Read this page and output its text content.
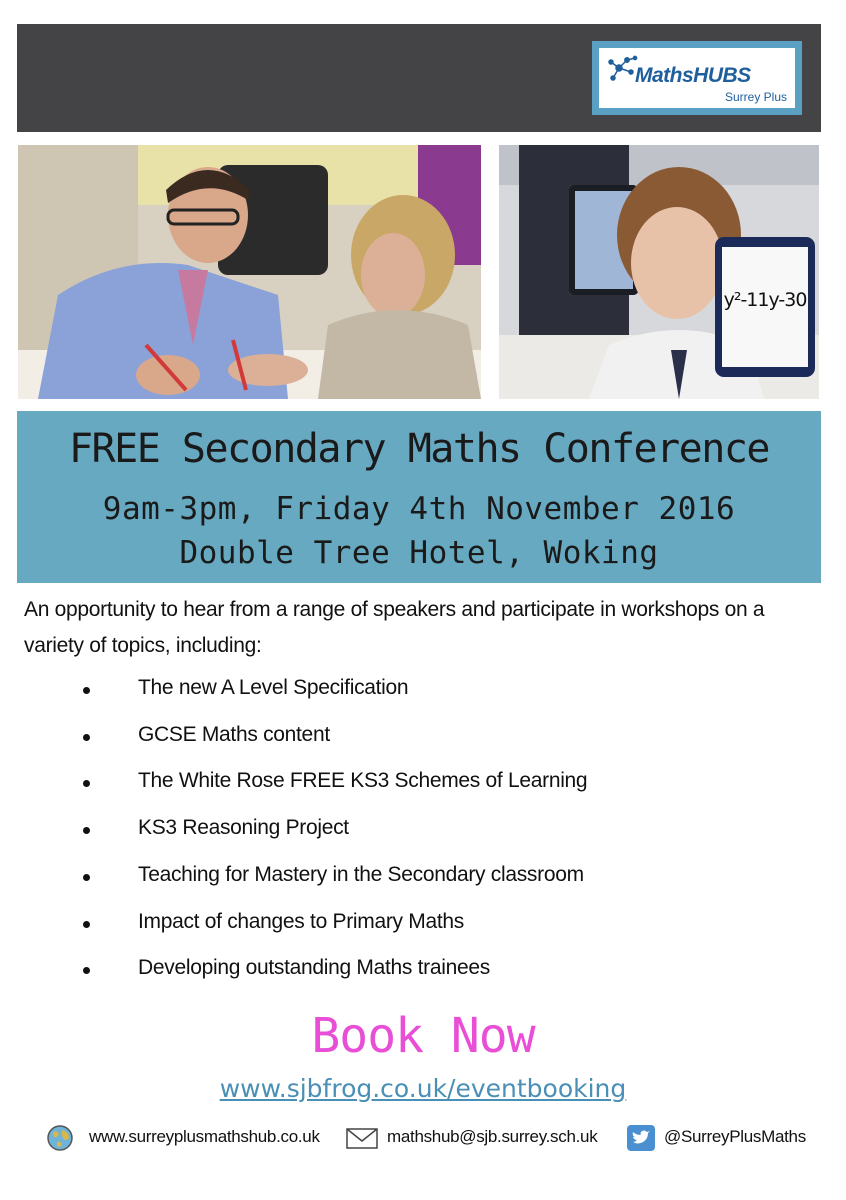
MathsHUBS
Surrey Plus
y²-11y-30
FREE Secondary Maths Conference
9am-3pm, Friday 4th November 2016
Double Tree Hotel, Woking
An opportunity to hear from a range of speakers and participate in workshops on a variety of topics, including:
The new A Level Specification
GCSE Maths content
The White Rose FREE KS3 Schemes of Learning
KS3 Reasoning Project
Teaching for Mastery in the Secondary classroom
Impact of changes to Primary Maths
Developing outstanding Maths trainees
Book Now
www.sjbfrog.co.uk/eventbooking
www.surreyplusmathshub.co.uk	mathshub@sjb.surrey.sch.uk	@SurreyPlusMaths
